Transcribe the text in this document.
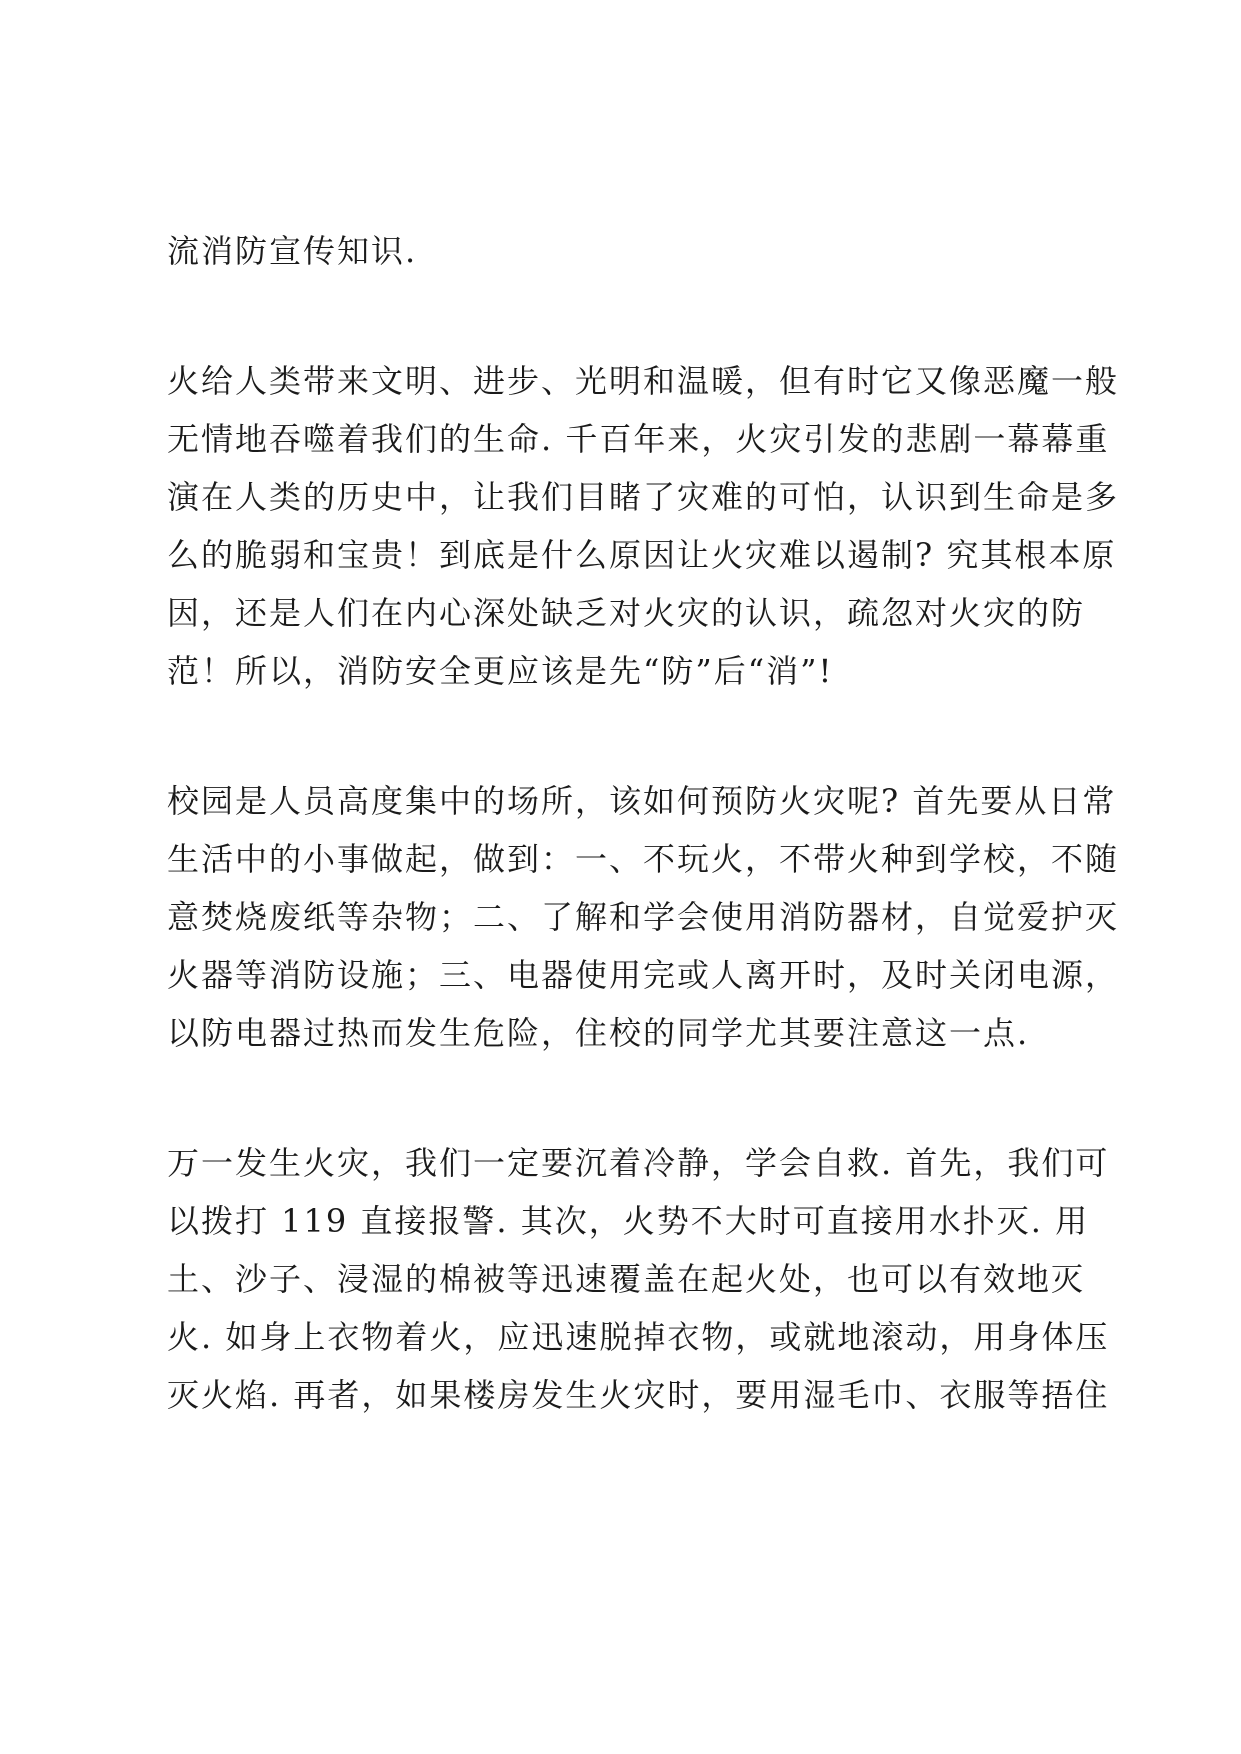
流消防宣传知识.
火给人类带来文明、进步、光明和温暖，但有时它又像恶魔一般
无情地吞噬着我们的生命. 千百年来，火灾引发的悲剧一幕幕重
演在人类的历史中，让我们目睹了灾难的可怕，认识到生命是多
么的脆弱和宝贵！到底是什么原因让火灾难以遏制? 究其根本原
因，还是人们在内心深处缺乏对火灾的认识，疏忽对火灾的防
范！所以，消防安全更应该是先“防”后“消”!
校园是人员高度集中的场所，该如何预防火灾呢? 首先要从日常
生活中的小事做起，做到：一、不玩火，不带火种到学校，不随
意焚烧废纸等杂物；二、了解和学会使用消防器材，自觉爱护灭
火器等消防设施；三、电器使用完或人离开时，及时关闭电源，
以防电器过热而发生危险，住校的同学尤其要注意这一点.
万一发生火灾，我们一定要沉着冷静，学会自救. 首先，我们可
以拨打 119 直接报警. 其次，火势不大时可直接用水扑灭. 用
土、沙子、浸湿的棉被等迅速覆盖在起火处，也可以有效地灭
火. 如身上衣物着火，应迅速脱掉衣物，或就地滚动，用身体压
灭火焰. 再者，如果楼房发生火灾时，要用湿毛巾、衣服等捂住
